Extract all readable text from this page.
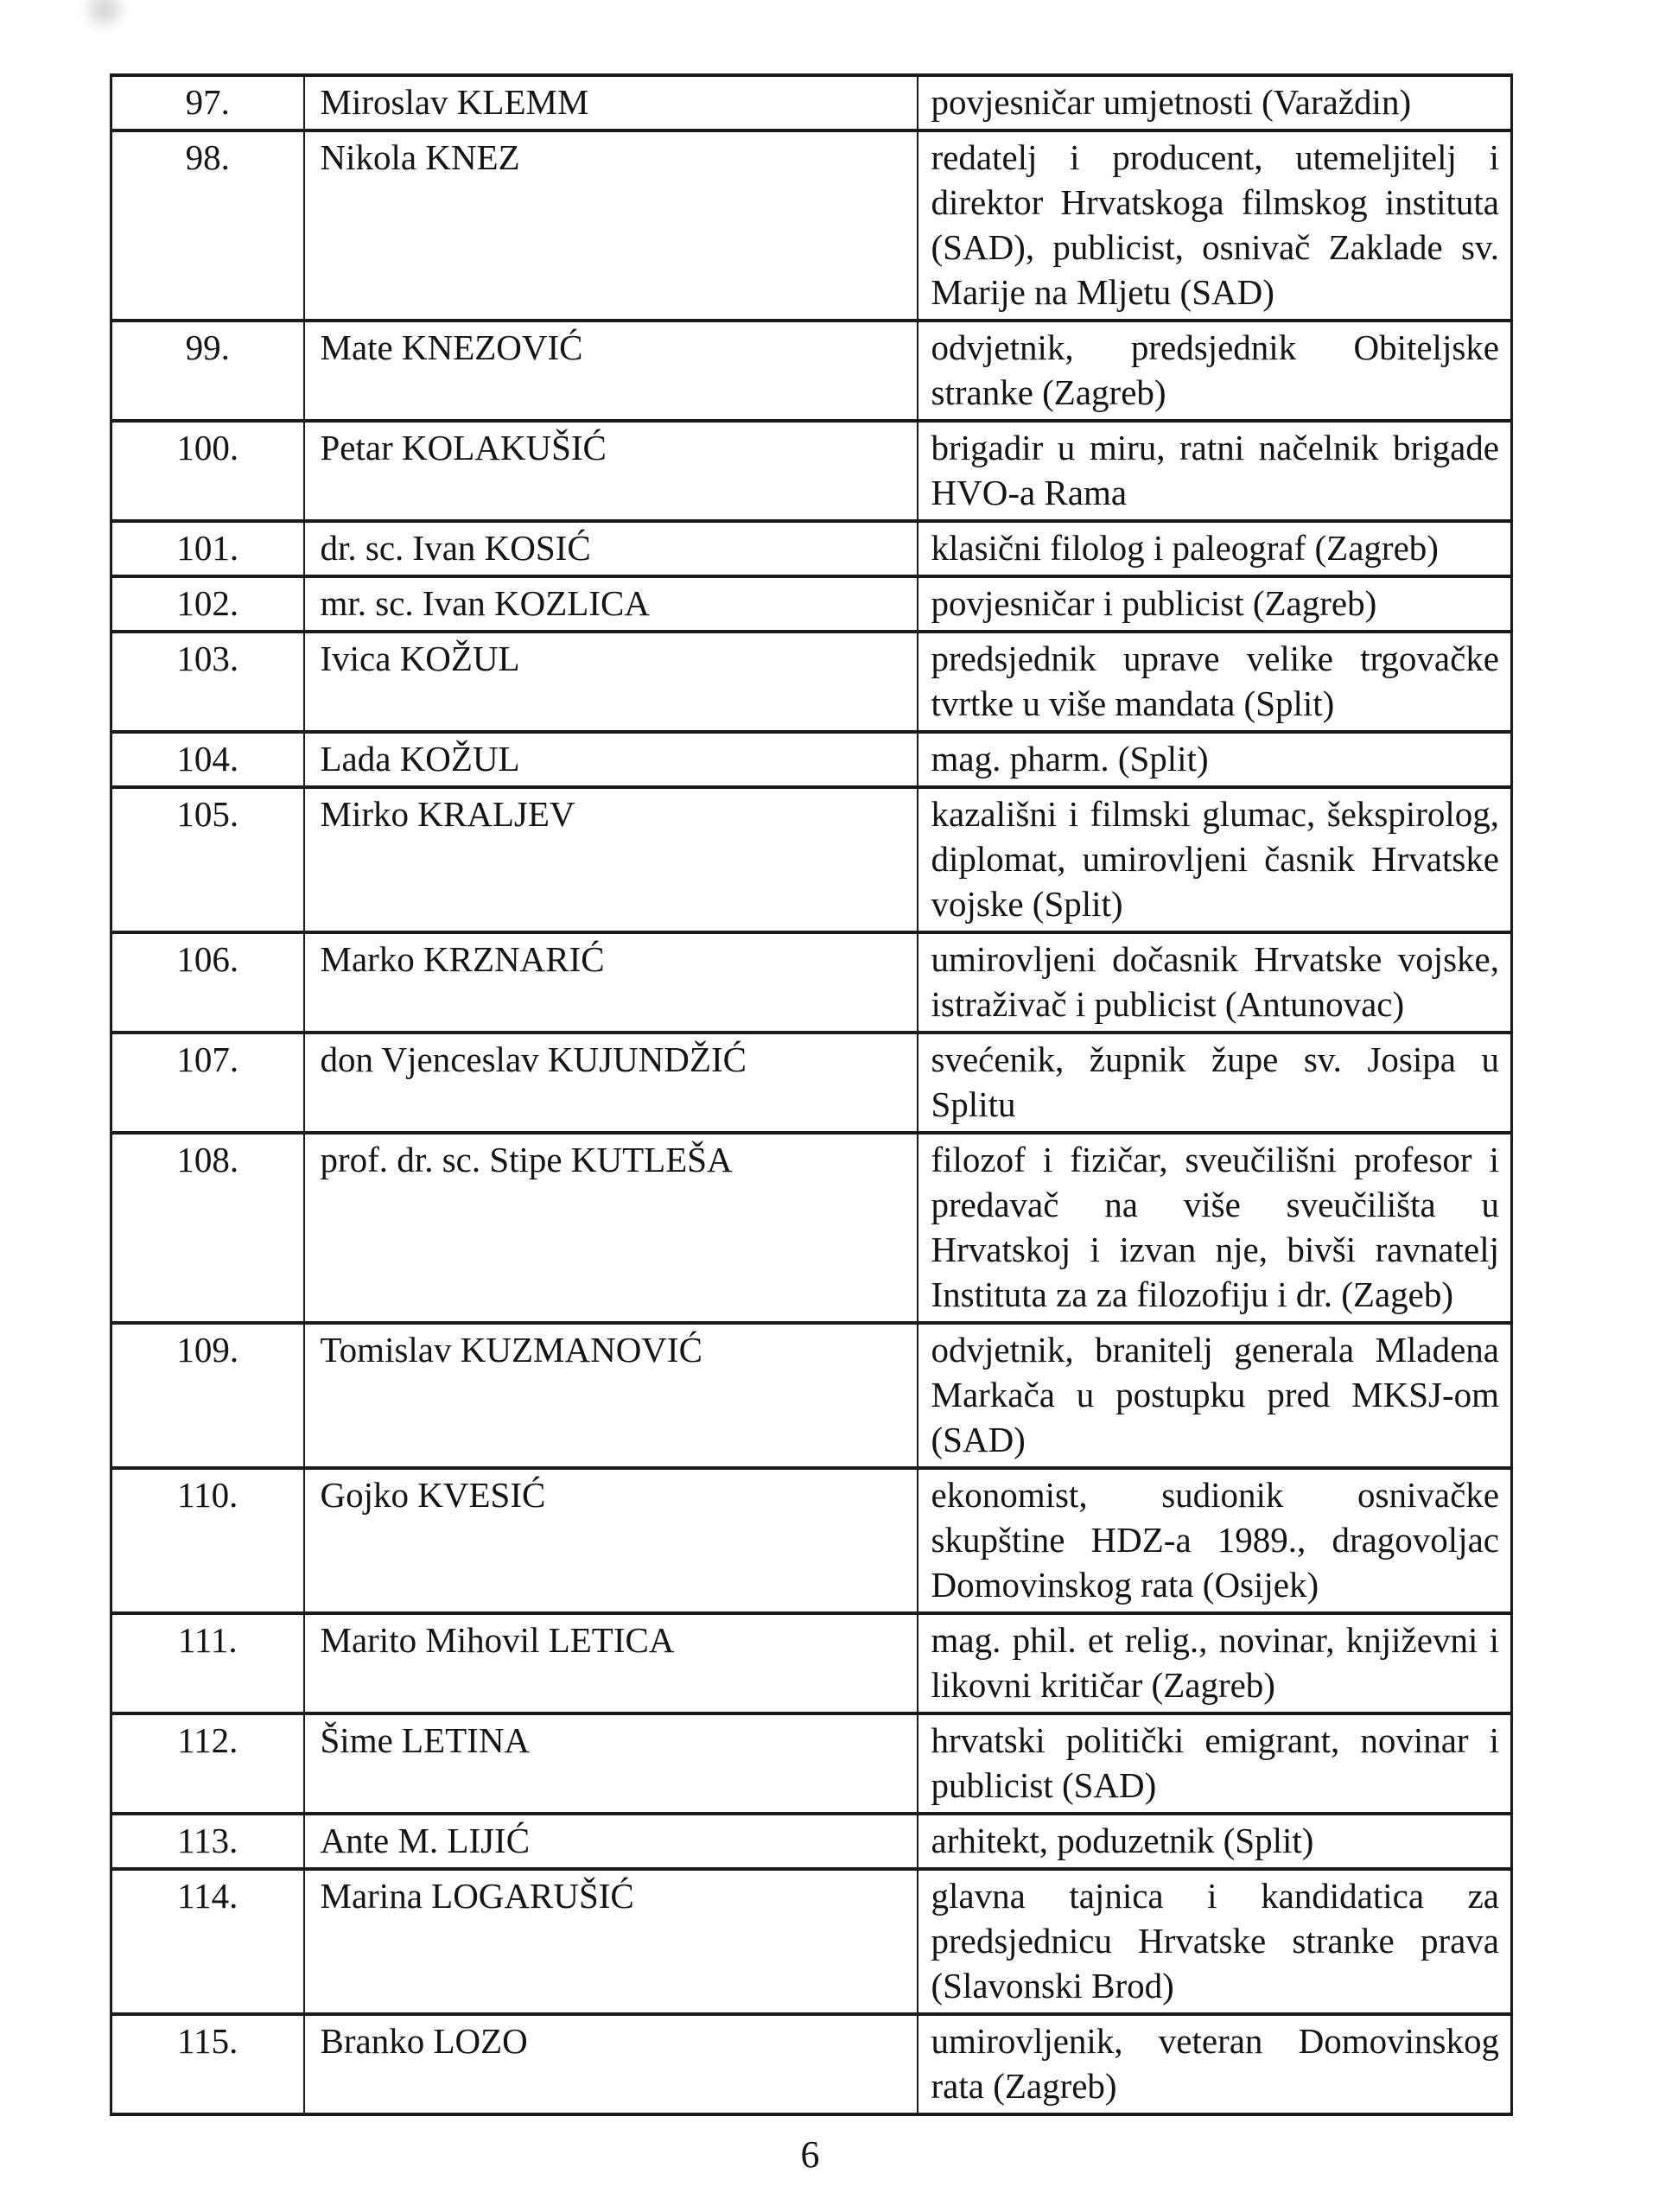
97.	Miroslav KLEMM	povjesničar umjetnosti (Varaždin)
98.	Nikola KNEZ	redatelj i producent, utemeljitelj i direktor Hrvatskoga filmskog instituta (SAD), publicist, osnivač Zaklade sv. Marije na Mljetu (SAD)
99.	Mate KNEZOVIĆ	odvjetnik, predsjednik Obiteljske stranke (Zagreb)
100.	Petar KOLAKUŠIĆ	brigadir u miru, ratni načelnik brigade HVO-a Rama
101.	dr. sc. Ivan KOSIĆ	klasični filolog i paleograf (Zagreb)
102.	mr. sc. Ivan KOZLICA	povjesničar i publicist (Zagreb)
103.	Ivica KOŽUL	predsjednik uprave velike trgovačke tvrtke u više mandata (Split)
104.	Lada KOŽUL	mag. pharm. (Split)
105.	Mirko KRALJEV	kazališni i filmski glumac, šekspirolog, diplomat, umirovljeni časnik Hrvatske vojske (Split)
106.	Marko KRZNARIĆ	umirovljeni dočasnik Hrvatske vojske, istraživač i publicist (Antunovac)
107.	don Vjenceslav KUJUNDŽIĆ	svećenik, župnik župe sv. Josipa u Splitu
108.	prof. dr. sc. Stipe KUTLEŠA	filozof i fizičar, sveučilišni profesor i predavač na više sveučilišta u Hrvatskoj i izvan nje, bivši ravnatelj Instituta za za filozofiju i dr. (Zageb)
109.	Tomislav KUZMANOVIĆ	odvjetnik, branitelj generala Mladena Markača u postupku pred MKSJ-om (SAD)
110.	Gojko KVESIĆ	ekonomist, sudionik osnivačke skupštine HDZ-a 1989., dragovoljac Domovinskog rata (Osijek)
111.	Marito Mihovil LETICA	mag. phil. et relig., novinar, književni i likovni kritičar (Zagreb)
112.	Šime LETINA	hrvatski politički emigrant, novinar i publicist (SAD)
113.	Ante M. LIJIĆ	arhitekt, poduzetnik (Split)
114.	Marina LOGARUŠIĆ	glavna tajnica i kandidatica za predsjednicu Hrvatske stranke prava (Slavonski Brod)
115.	Branko LOZO	umirovljenik, veteran Domovinskog rata (Zagreb)
6
